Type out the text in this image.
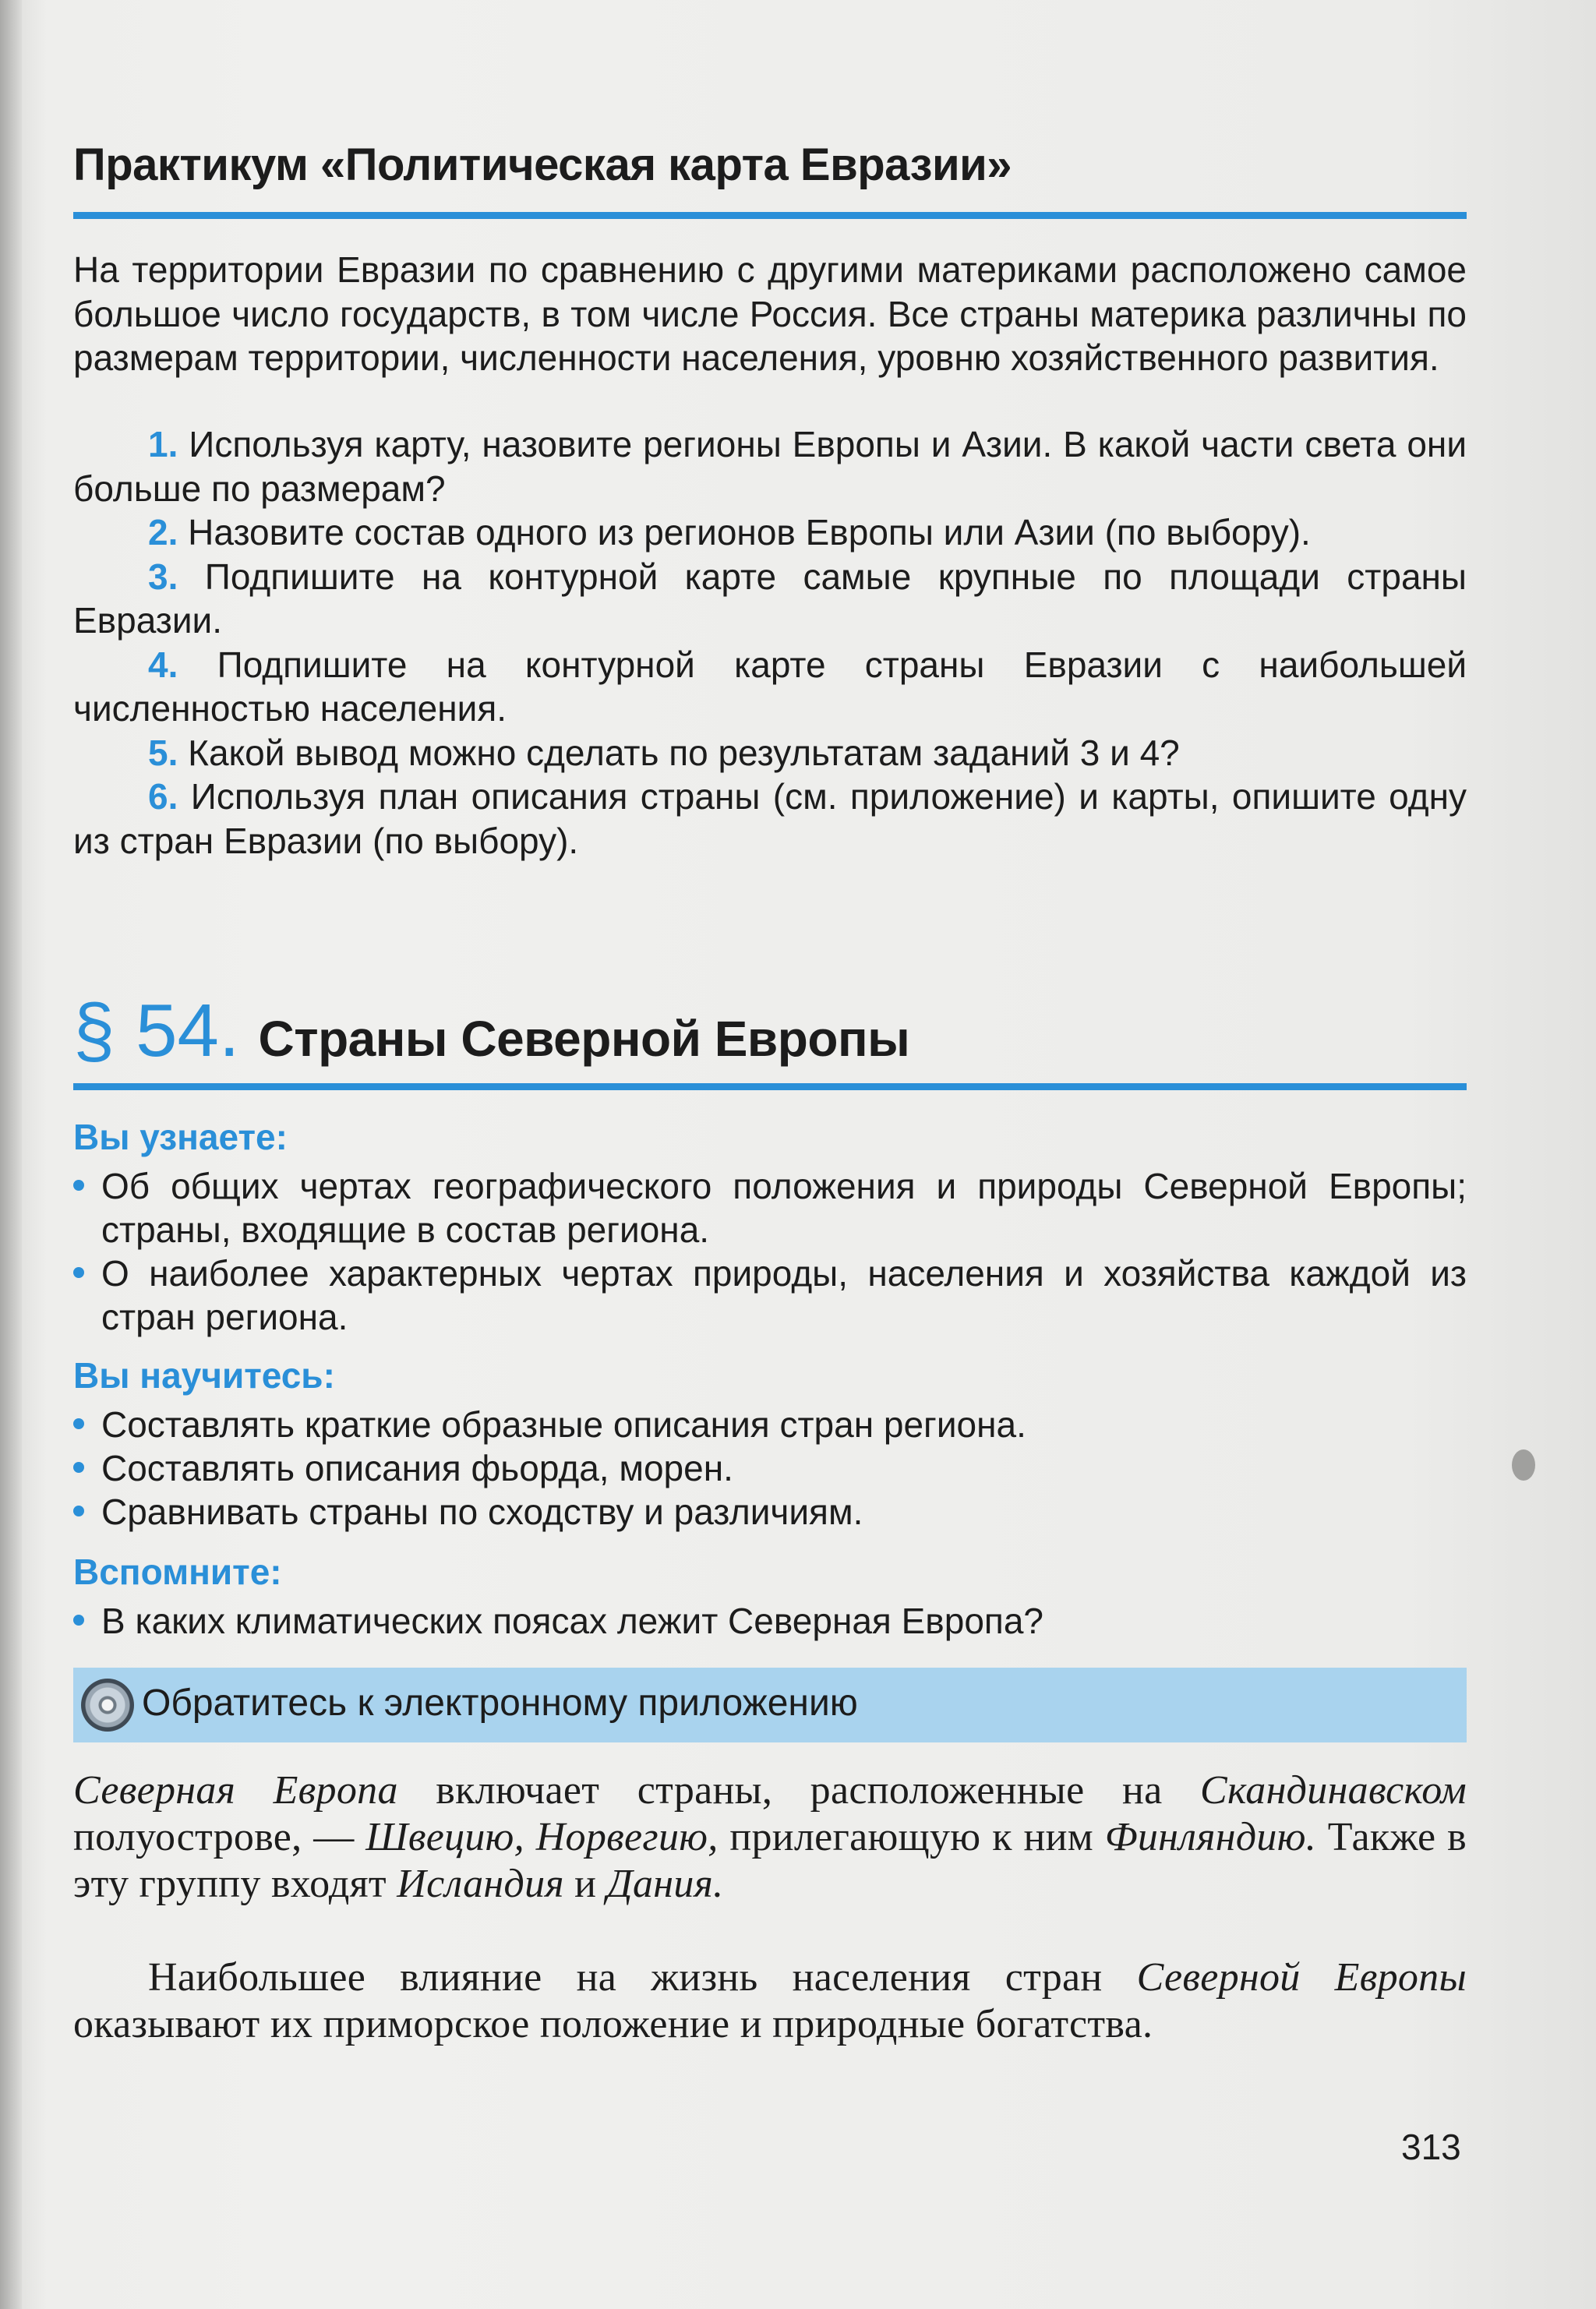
Практикум «Политическая карта Евразии»

На территории Евразии по сравнению с другими материками расположено самое большое число государств, в том числе Россия. Все страны материка различны по размерам территории, численности населения, уровню хозяйственного развития.

1. Используя карту, назовите регионы Европы и Азии. В какой части света они больше по размерам?
2. Назовите состав одного из регионов Европы или Азии (по выбору).
3. Подпишите на контурной карте самые крупные по площади страны Евразии.
4. Подпишите на контурной карте страны Евразии с наибольшей численностью населения.
5. Какой вывод можно сделать по результатам заданий 3 и 4?
6. Используя план описания страны (см. приложение) и карты, опишите одну из стран Евразии (по выбору).
§ 54. Страны Северной Европы
Вы узнаете:
Об общих чертах географического положения и природы Северной Европы; страны, входящие в состав региона.
О наиболее характерных чертах природы, населения и хозяйства каждой из стран региона.
Вы научитесь:
Составлять краткие образные описания стран региона.
Составлять описания фьорда, морен.
Сравнивать страны по сходству и различиям.
Вспомните:
В каких климатических поясах лежит Северная Европа?
Обратитесь к электронному приложению

Северная Европа включает страны, расположенные на Скандинавском полуострове, — Швецию, Норвегию, прилегающую к ним Финляндию. Также в эту группу входят Исландия и Дания.

Наибольшее влияние на жизнь населения стран Северной Европы оказывают их приморское положение и природные богатства.

313
